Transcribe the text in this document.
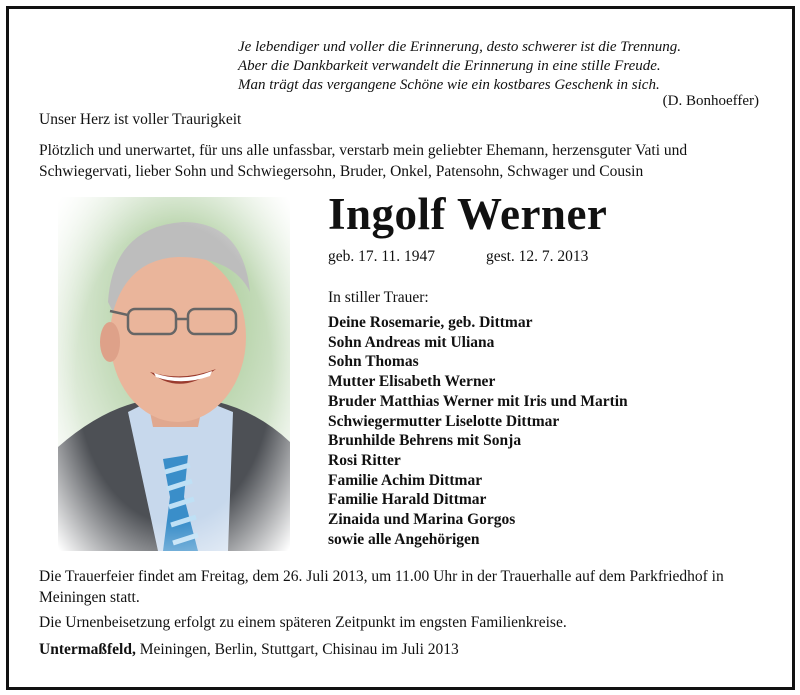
Je lebendiger und voller die Erinnerung, desto schwerer ist die Trennung.
Aber die Dankbarkeit verwandelt die Erinnerung in eine stille Freude.
Man trägt das vergangene Schöne wie ein kostbares Geschenk in sich.
(D. Bonhoeffer)
Unser Herz ist voller Traurigkeit
Plötzlich und unerwartet, für uns alle unfassbar, verstarb mein geliebter Ehemann, herzensguter Vati und Schwiegervati, lieber Sohn und Schwiegersohn, Bruder, Onkel, Patensohn, Schwager und Cousin
Ingolf Werner
geb. 17. 11. 1947	gest. 12. 7. 2013
In stiller Trauer:
Deine Rosemarie, geb. Dittmar
Sohn Andreas mit Uliana
Sohn Thomas
Mutter Elisabeth Werner
Bruder Matthias Werner mit Iris und Martin
Schwiegermutter Liselotte Dittmar
Brunhilde Behrens mit Sonja
Rosi Ritter
Familie Achim Dittmar
Familie Harald Dittmar
Zinaida und Marina Gorgos
sowie alle Angehörigen
Die Trauerfeier findet am Freitag, dem 26. Juli 2013, um 11.00 Uhr in der Trauerhalle auf dem Parkfriedhof in Meiningen statt.
Die Urnenbeisetzung erfolgt zu einem späteren Zeitpunkt im engsten Familienkreise.
Untermaßfeld, Meiningen, Berlin, Stuttgart, Chisinau im Juli 2013
